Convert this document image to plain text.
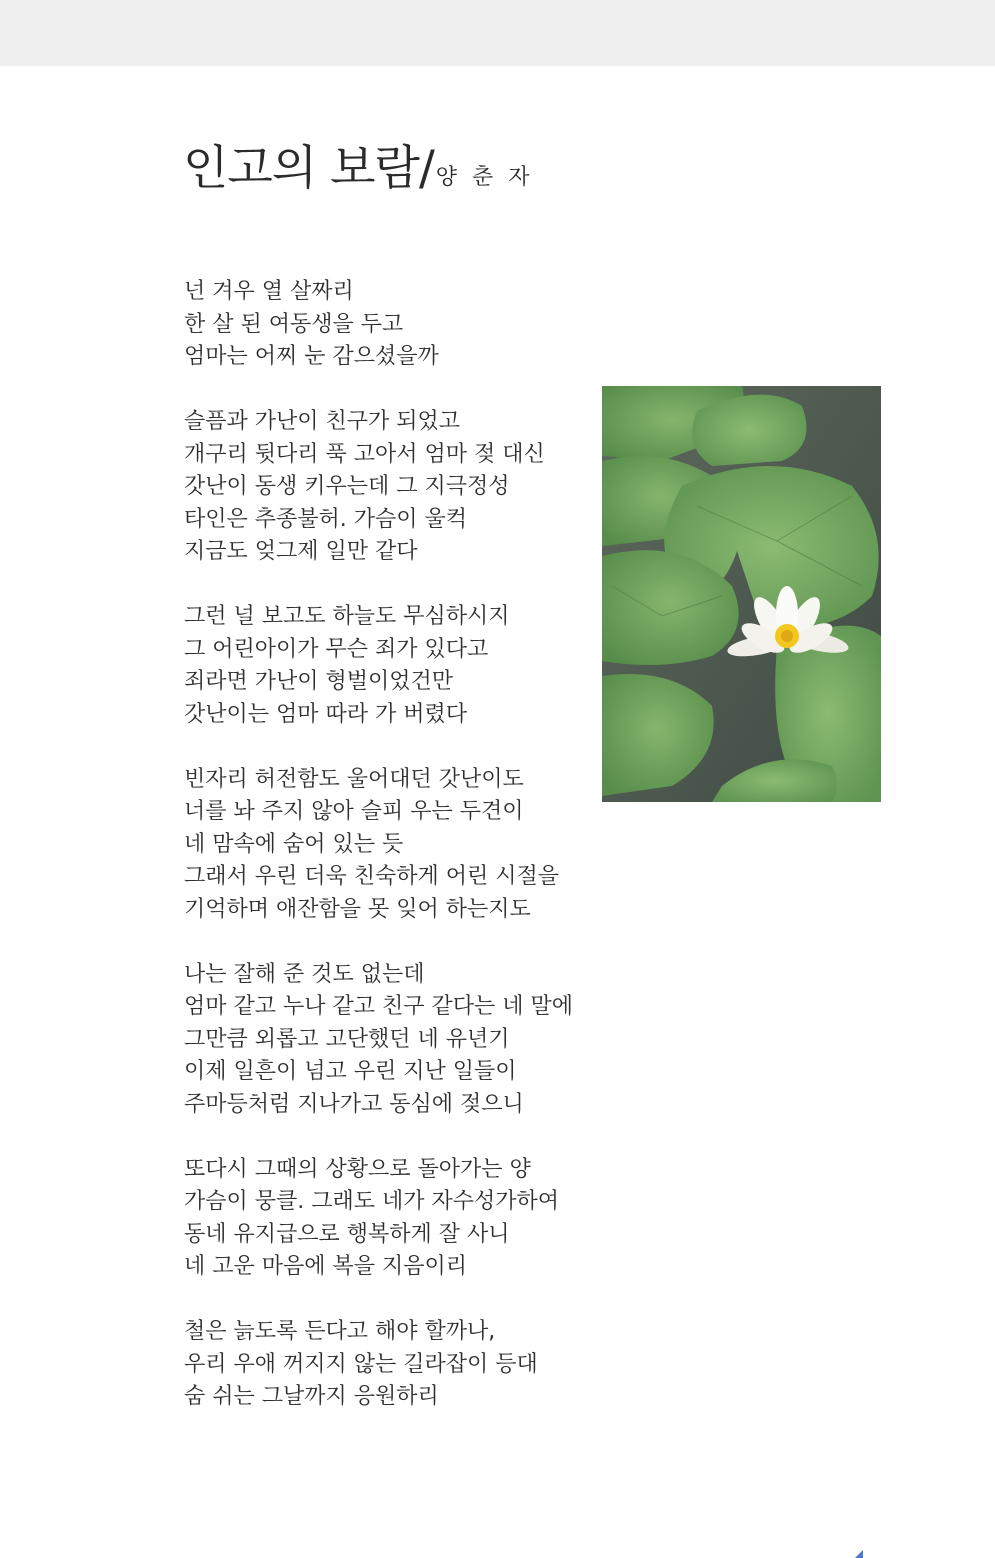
인고의 보람/양 춘 자
넌 겨우 열 살짜리
한 살 된 여동생을 두고
엄마는 어찌 눈 감으셨을까
슬픔과 가난이 친구가 되었고
개구리 뒷다리 푹 고아서 엄마 젖 대신
갓난이 동생 키우는데 그 지극정성
타인은 추종불허. 가슴이 울컥
지금도 엊그제 일만 같다
그런 널 보고도 하늘도 무심하시지
그 어린아이가 무슨 죄가 있다고
죄라면 가난이 형벌이었건만
갓난이는 엄마 따라 가 버렸다
빈자리 허전함도 울어대던 갓난이도
너를 놔 주지 않아 슬피 우는 두견이
네 맘속에 숨어 있는 듯
그래서 우린 더욱 친숙하게 어린 시절을
기억하며 애잔함을 못 잊어 하는지도
나는 잘해 준 것도 없는데
엄마 같고 누나 같고 친구 같다는 네 말에
그만큼 외롭고 고단했던 네 유년기
이제 일흔이 넘고 우린 지난 일들이
주마등처럼 지나가고 동심에 젖으니
또다시 그때의 상황으로 돌아가는 양
가슴이 뭉클. 그래도 네가 자수성가하여
동네 유지급으로 행복하게 잘 사니
네 고운 마음에 복을 지음이리
철은 늙도록 든다고 해야 할까나,
우리 우애 꺼지지 않는 길라잡이 등대
숨 쉬는 그날까지 응원하리
